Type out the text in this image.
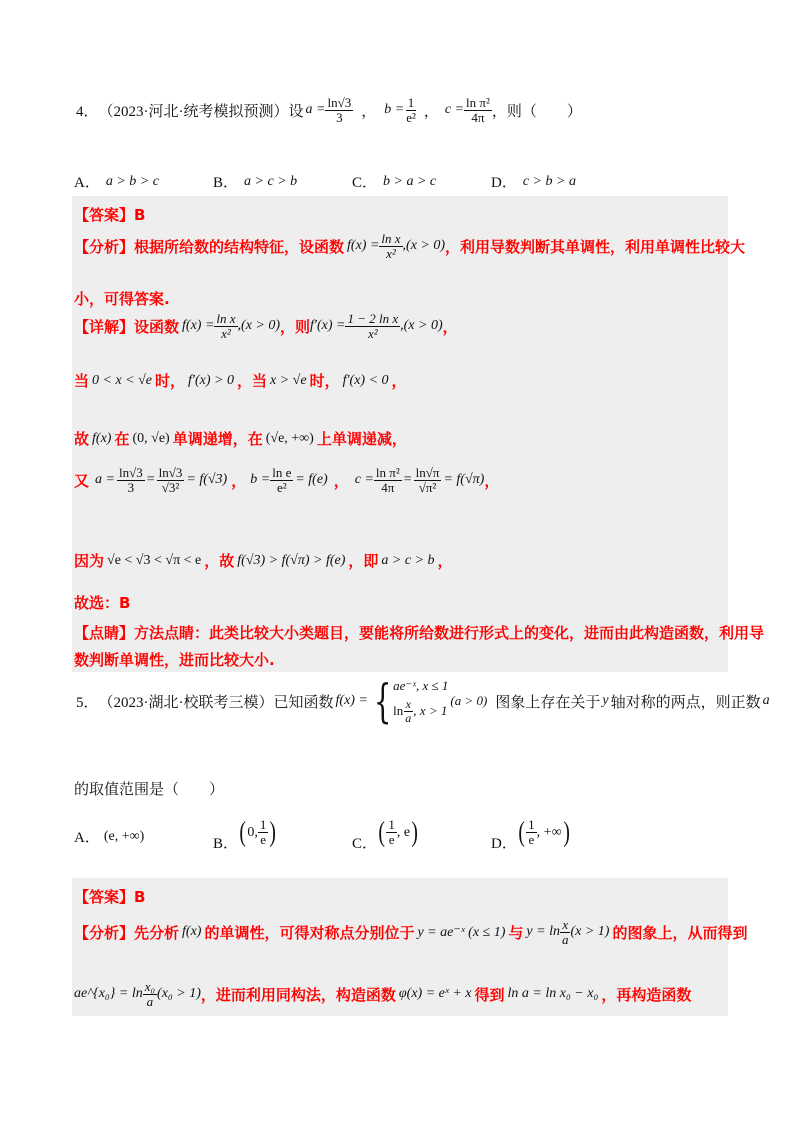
4． （2023·河北·统考模拟预测）设 $a = \frac{\ln√3}{3}$ ， $b = \frac{1}{\text{e²}}$ ， $c = \frac{\text{ln π²}}{4\pi}$ ，则（　　）
A． a > b > c	B． a > c > b	C． b > a > c	D． c > b > a
【答案】B
【分析】根据所给数的结构特征，设函数 $f(x) = \frac{\text{ln x}}{\text{x²}} ,(x > 0)$ ，利用导数判断其单调性，利用单调性比较大
小，可得答案.
【详解】设函数 $f(x) = \frac{\text{ln x}}{\text{x²}} ,(x > 0)$ ，则 $f'(x) = \frac{\text{1 − 2 ln x}}{\text{x²}} ,(x > 0)$ ，
当 0 < x < √e 时， f′(x) > 0 ，当 x > √e 时， f′(x) < 0 ，
故 f(x) 在 (0, √e) 单调递增，在 (√e, +∞) 上单调递减，
又 $a = \frac{\ln√3}{3} = \frac{\ln√3}{\text{√3²}} = f(√3)$ ， $b = \frac{\text{ln e}}{\text{e²}} = f(e)$ ， $c = \frac{\text{ln π²}}{4\pi} = \frac{\ln√\pi}{\text{√π²}} = f(√\pi)$ ，
因为 √e < √3 < √π < e ，故 f(√3) > f(√π) > f(e) ，即 a > c > b ，
故选：B
【点睛】方法点睛：此类比较大小类题目，要能将所给数进行形式上的变化，进而由此构造函数，利用导
数判断单调性，进而比较大小.
5． （2023·湖北·校联考三模）已知函数 f(x) = { ae⁻ˣ, x ≤ 1
$\ln \frac{x}{a}$ , x > 1
(a > 0) 图象上存在关于 y 轴对称的两点，则正数 a
的取值范围是（　　）
A． (e, +∞)	B． ( 0, $\frac{1}{e}$ )	C． ( $\frac{1}{e}$ , e )	D． ( $\frac{1}{e}$ , +∞ )
【答案】B
【分析】先分析 f(x) 的单调性，可得对称点分别位于 y = ae⁻ˣ (x ≤ 1) 与 $y = \ln \frac{x}{a} (x > 1)$ 的图象上，从而得到
ae^{x₀} = $\ln \frac{\text{x₀}}{a} (x_0 > 1)$ ，进而利用同构法，构造函数 φ(x) = eˣ + x 得到 ln a = ln x₀ − x₀ ，再构造函数
